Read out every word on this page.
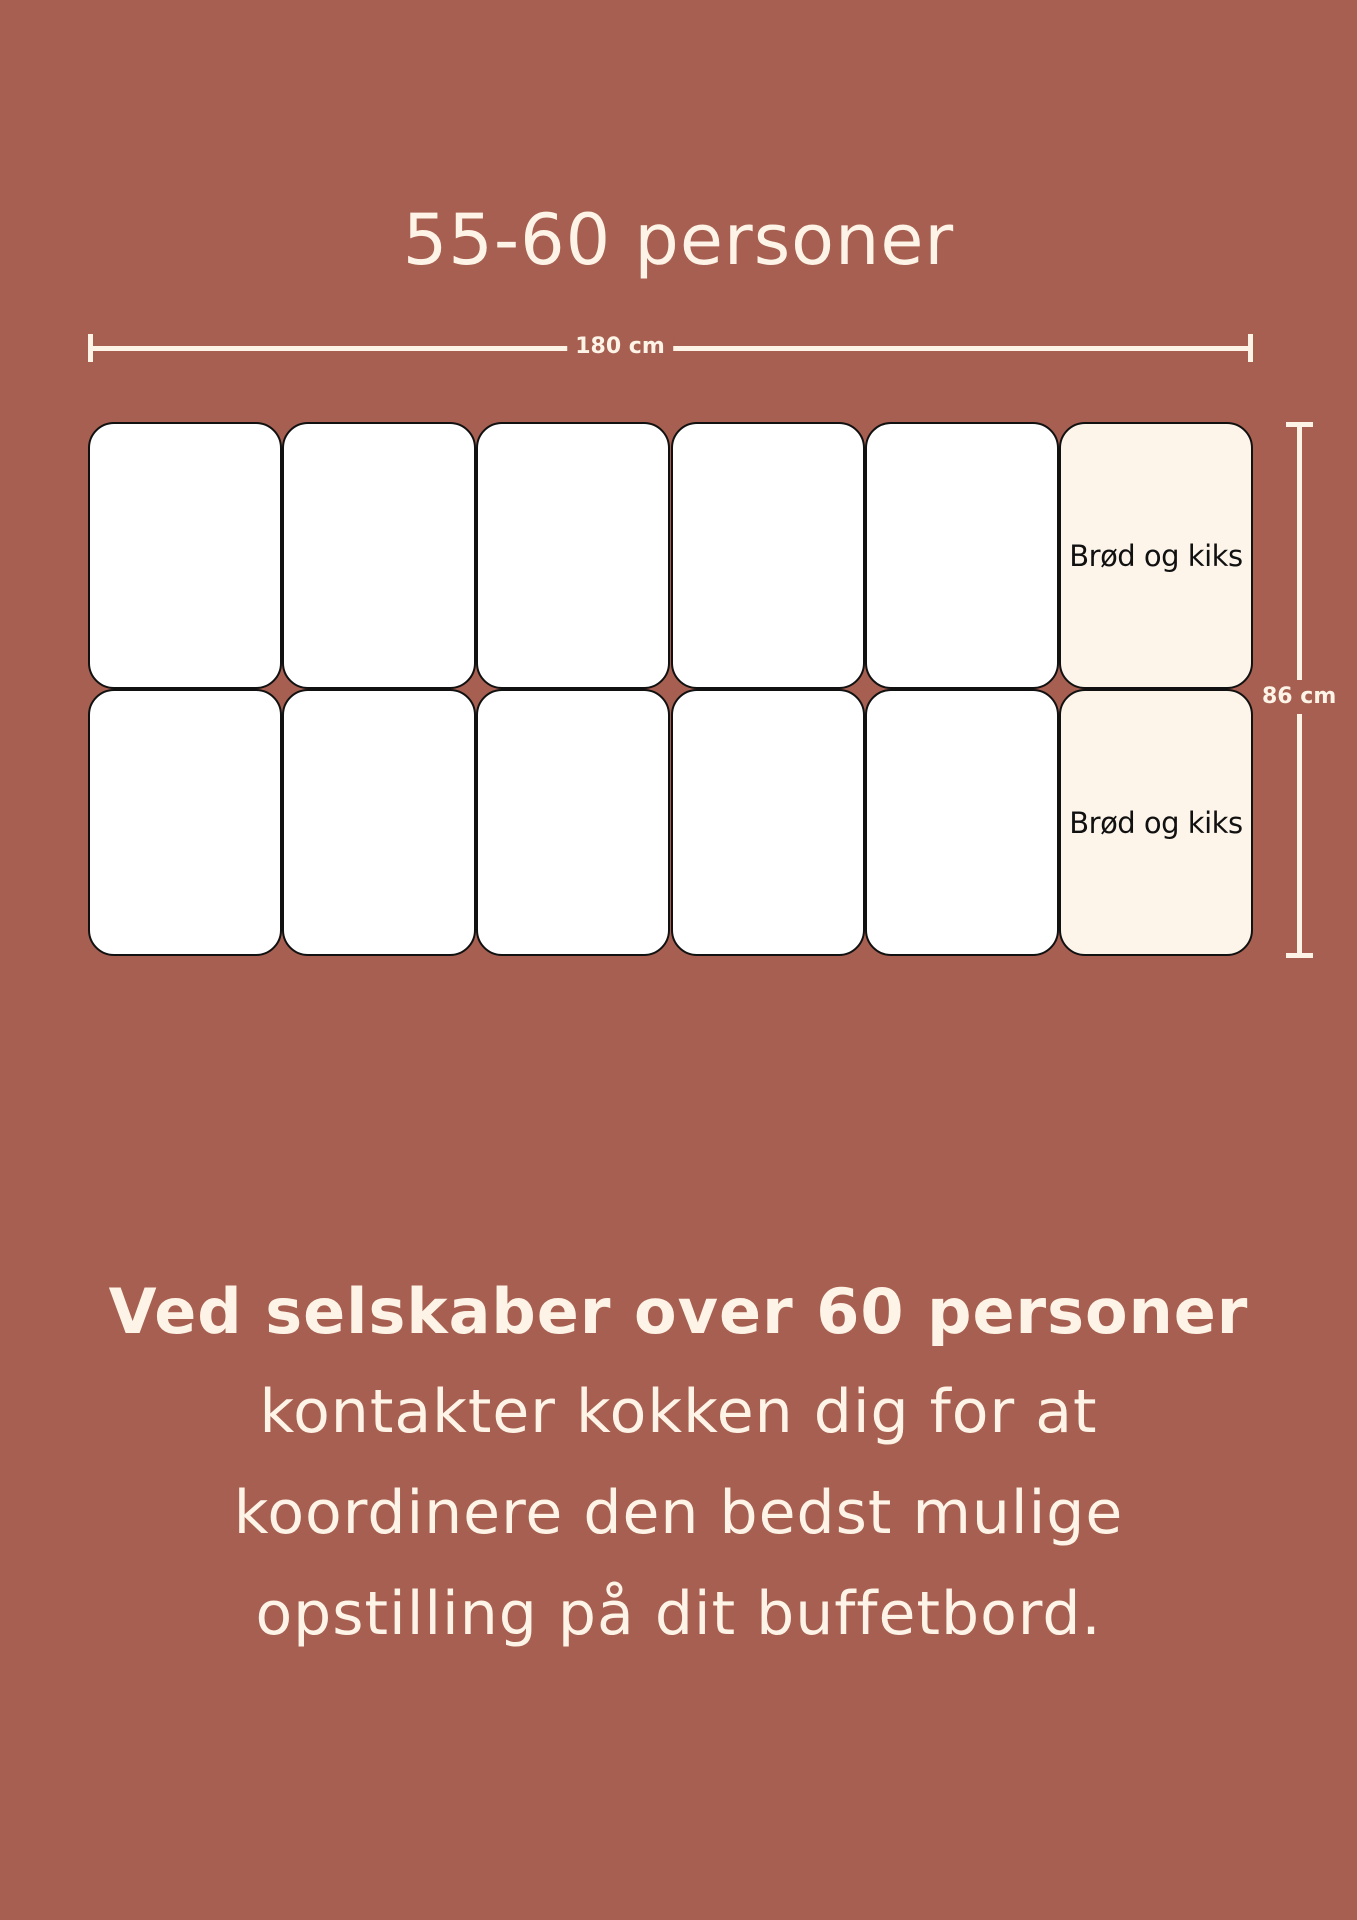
55-60 personer
180 cm
86 cm
Brød og kiks
Brød og kiks
Ved selskaber over 60 personer
kontakter kokken dig for at
koordinere den bedst mulige
opstilling på dit buffetbord.
